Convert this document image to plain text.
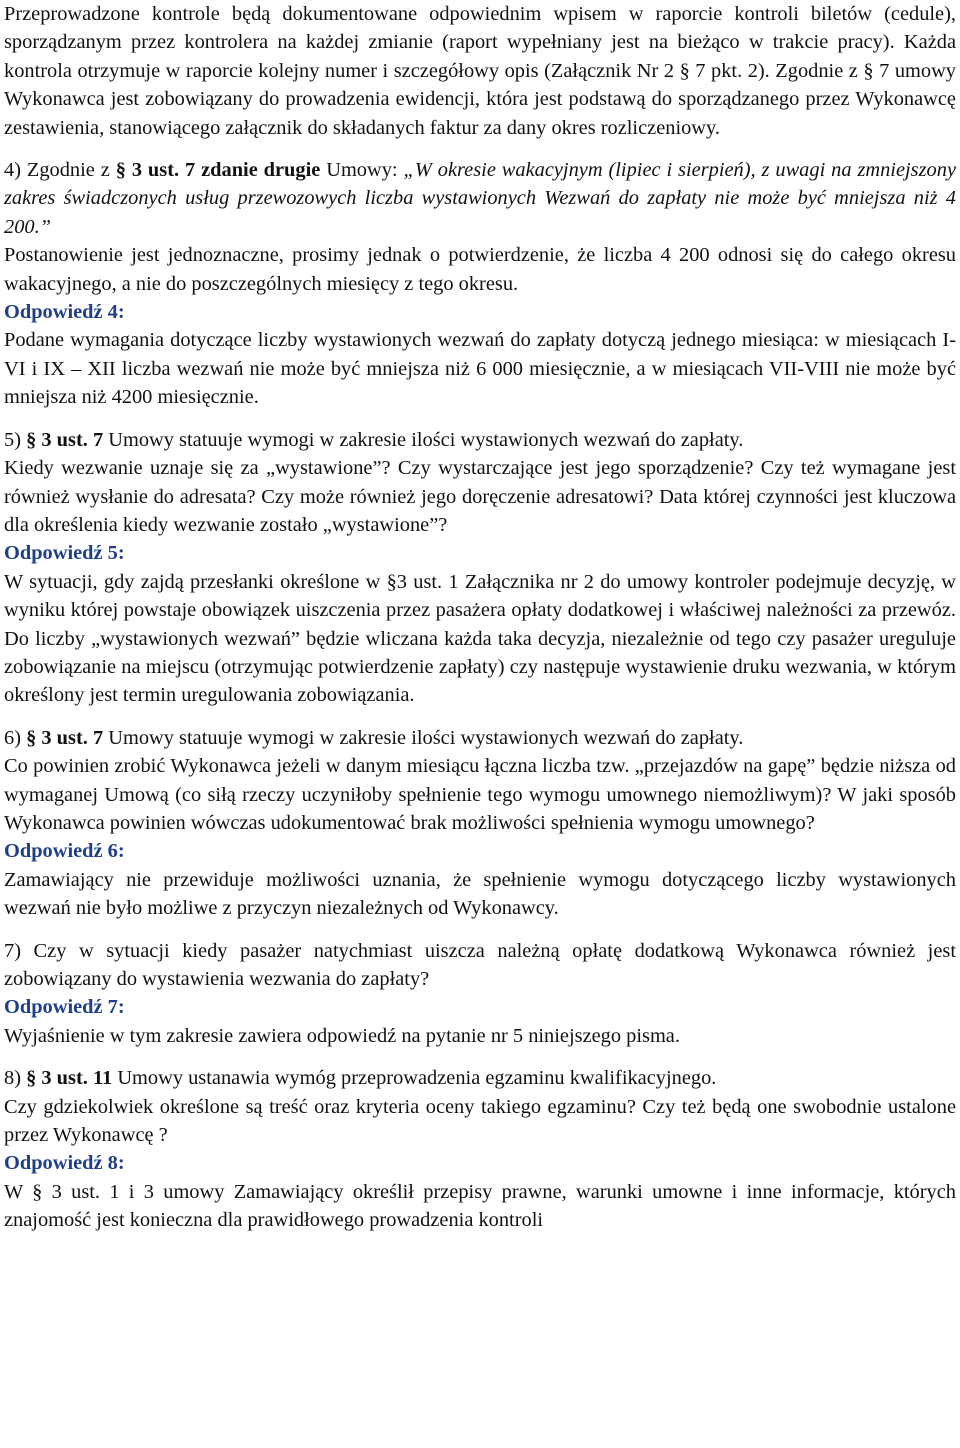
Przeprowadzone kontrole będą dokumentowane odpowiednim wpisem w raporcie kontroli biletów (cedule), sporządzanym przez kontrolera na każdej zmianie (raport wypełniany jest na bieżąco w trakcie pracy). Każda kontrola otrzymuje w raporcie kolejny numer i szczegółowy opis (Załącznik Nr 2 § 7 pkt. 2). Zgodnie z § 7 umowy Wykonawca jest zobowiązany do prowadzenia ewidencji, która jest podstawą do sporządzanego przez Wykonawcę zestawienia, stanowiącego załącznik do składanych faktur za dany okres rozliczeniowy.

4) Zgodnie z § 3 ust. 7 zdanie drugie Umowy: „W okresie wakacyjnym (lipiec i sierpień), z uwagi na zmniejszony zakres świadczonych usług przewozowych liczba wystawionych Wezwań do zapłaty nie może być mniejsza niż 4 200.”

Postanowienie jest jednoznaczne, prosimy jednak o potwierdzenie, że liczba 4 200 odnosi się do całego okresu wakacyjnego, a nie do poszczególnych miesięcy z tego okresu.

Odpowiedź 4:

Podane wymagania dotyczące liczby wystawionych wezwań do zapłaty dotyczą jednego miesiąca: w miesiącach I-VI i IX – XII liczba wezwań nie może być mniejsza niż 6 000 miesięcznie, a w miesiącach VII-VIII nie może być mniejsza niż 4200 miesięcznie.

5) § 3 ust. 7 Umowy statuuje wymogi w zakresie ilości wystawionych wezwań do zapłaty.

Kiedy wezwanie uznaje się za „wystawione”? Czy wystarczające jest jego sporządzenie? Czy też wymagane jest również wysłanie do adresata? Czy może również jego doręczenie adresatowi? Data której czynności jest kluczowa dla określenia kiedy wezwanie zostało „wystawione”?

Odpowiedź 5:

W sytuacji, gdy zajdą przesłanki określone w §3 ust. 1 Załącznika nr 2 do umowy kontroler podejmuje decyzję, w wyniku której powstaje obowiązek uiszczenia przez pasażera opłaty dodatkowej i właściwej należności za przewóz. Do liczby „wystawionych wezwań” będzie wliczana każda taka decyzja, niezależnie od tego czy pasażer ureguluje zobowiązanie na miejscu (otrzymując potwierdzenie zapłaty) czy następuje wystawienie druku wezwania, w którym określony jest termin uregulowania zobowiązania.

6) § 3 ust. 7 Umowy statuuje wymogi w zakresie ilości wystawionych wezwań do zapłaty.

Co powinien zrobić Wykonawca jeżeli w danym miesiącu łączna liczba tzw. „przejazdów na gapę” będzie niższa od wymaganej Umową (co siłą rzeczy uczyniłoby spełnienie tego wymogu umownego niemożliwym)? W jaki sposób Wykonawca powinien wówczas udokumentować brak możliwości spełnienia wymogu umownego?

Odpowiedź 6:

Zamawiający nie przewiduje możliwości uznania, że spełnienie wymogu dotyczącego liczby wystawionych wezwań nie było możliwe z przyczyn niezależnych od Wykonawcy.

7) Czy w sytuacji kiedy pasażer natychmiast uiszcza należną opłatę dodatkową Wykonawca również jest zobowiązany do wystawienia wezwania do zapłaty?

Odpowiedź 7:

Wyjaśnienie w tym zakresie zawiera odpowiedź na pytanie nr 5 niniejszego pisma.

8) § 3 ust. 11 Umowy ustanawia wymóg przeprowadzenia egzaminu kwalifikacyjnego.

Czy gdziekolwiek określone są treść oraz kryteria oceny takiego egzaminu? Czy też będą one swobodnie ustalone przez Wykonawcę ?

Odpowiedź 8:

W § 3 ust. 1 i 3 umowy Zamawiający określił przepisy prawne, warunki umowne i inne informacje, których znajomość jest konieczna dla prawidłowego prowadzenia kontroli
